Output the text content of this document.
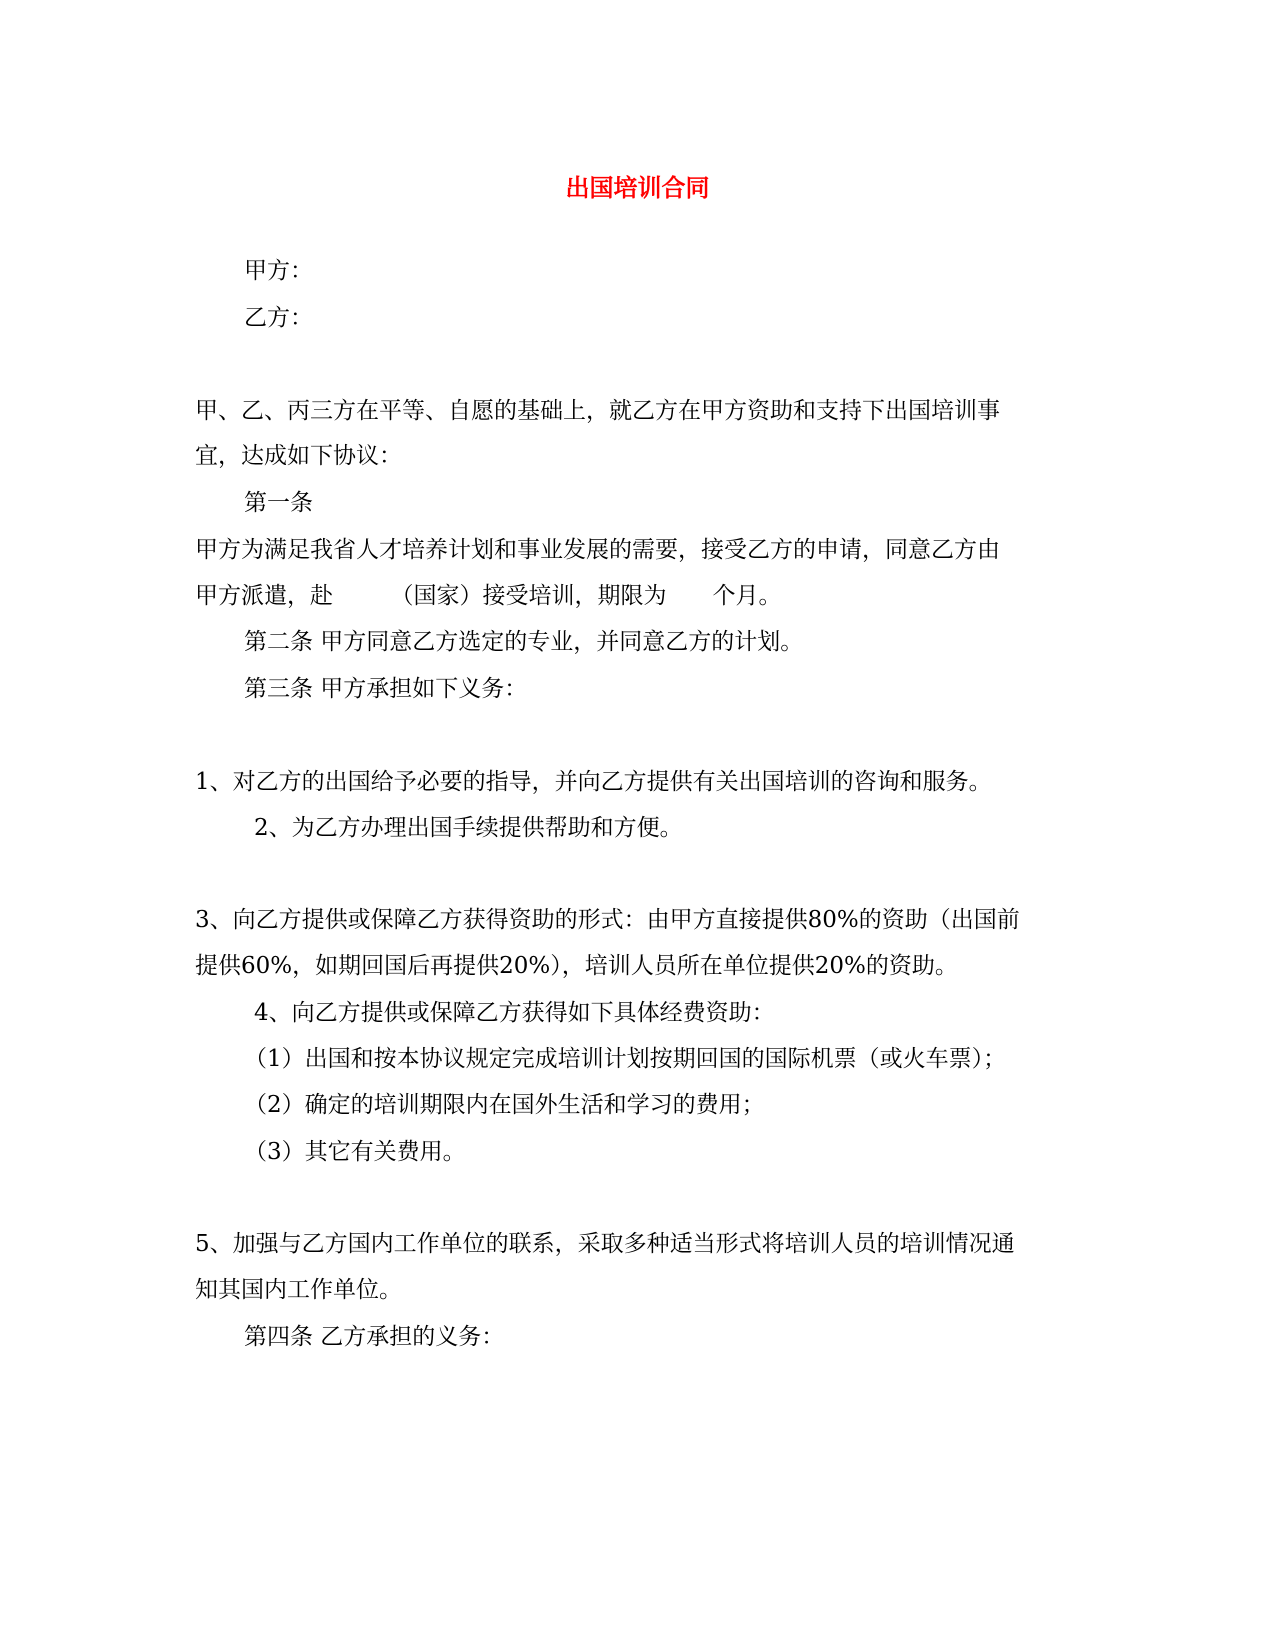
出国培训合同
甲方：
乙方：
甲、乙、丙三方在平等、自愿的基础上，就乙方在甲方资助和支持下出国培训事
宜，达成如下协议：
第一条
甲方为满足我省人才培养计划和事业发展的需要，接受乙方的申请，同意乙方由
甲方派遣，赴　　　（国家）接受培训，期限为　　个月。
第二条 甲方同意乙方选定的专业，并同意乙方的计划。
第三条 甲方承担如下义务：
1、对乙方的出国给予必要的指导，并向乙方提供有关出国培训的咨询和服务。
2、为乙方办理出国手续提供帮助和方便。
3、向乙方提供或保障乙方获得资助的形式：由甲方直接提供80%的资助（出国前
提供60%，如期回国后再提供20%），培训人员所在单位提供20%的资助。
4、向乙方提供或保障乙方获得如下具体经费资助：
（1）出国和按本协议规定完成培训计划按期回国的国际机票（或火车票）；
（2）确定的培训期限内在国外生活和学习的费用；
（3）其它有关费用。
5、加强与乙方国内工作单位的联系，采取多种适当形式将培训人员的培训情况通
知其国内工作单位。
第四条 乙方承担的义务：
